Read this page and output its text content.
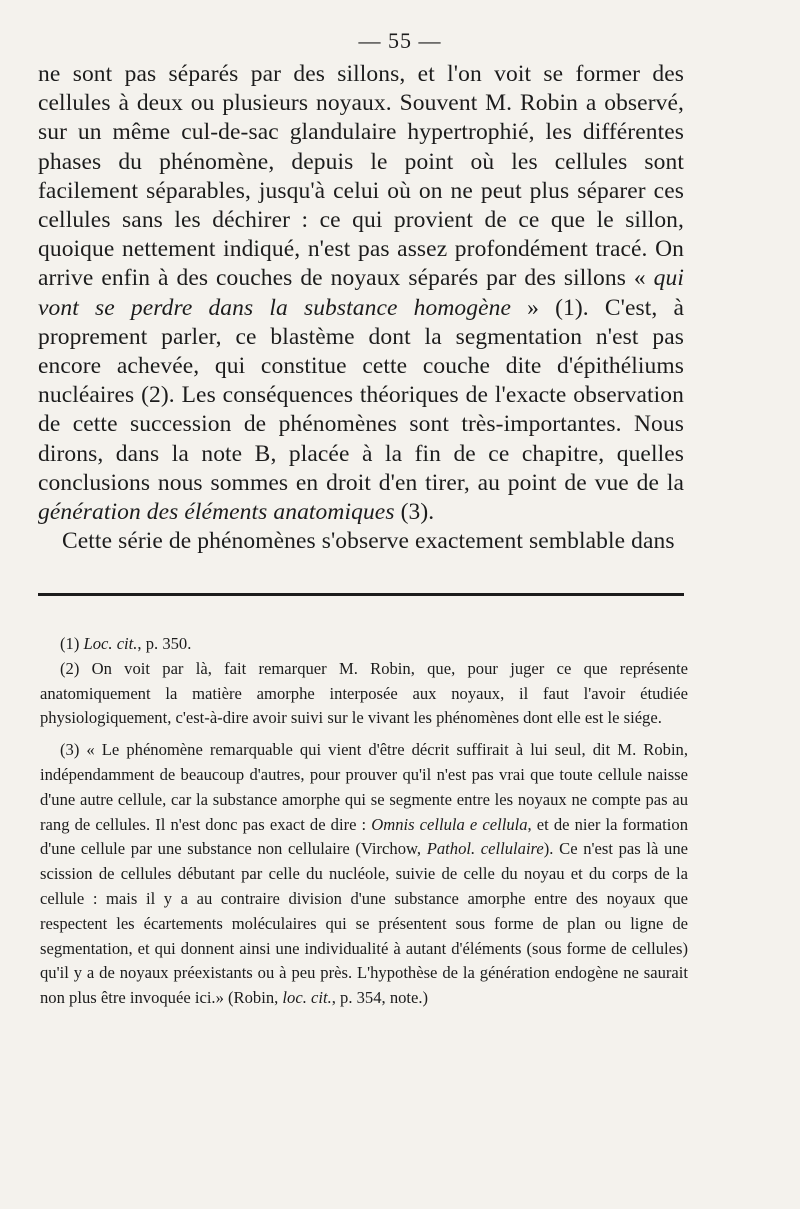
— 55 —

ne sont pas séparés par des sillons, et l'on voit se former des cellules à deux ou plusieurs noyaux. Souvent M. Robin a observé, sur un même cul-de-sac glandulaire hypertrophié, les différentes phases du phénomène, depuis le point où les cellules sont facilement séparables, jusqu'à celui où on ne peut plus séparer ces cellules sans les déchirer : ce qui provient de ce que le sillon, quoique nettement indiqué, n'est pas assez profondément tracé. On arrive enfin à des couches de noyaux séparés par des sillons « qui vont se perdre dans la substance homogène » (1). C'est, à proprement parler, ce blastème dont la segmentation n'est pas encore achevée, qui constitue cette couche dite d'épithéliums nucléaires (2). Les conséquences théoriques de l'exacte observation de cette succession de phénomènes sont très-importantes. Nous dirons, dans la note B, placée à la fin de ce chapitre, quelles conclusions nous sommes en droit d'en tirer, au point de vue de la génération des éléments anatomiques (3).

Cette série de phénomènes s'observe exactement semblable dans

(1) Loc. cit., p. 350.

(2) On voit par là, fait remarquer M. Robin, que, pour juger ce que représente anatomiquement la matière amorphe interposée aux noyaux, il faut l'avoir étudiée physiologiquement, c'est-à-dire avoir suivi sur le vivant les phénomènes dont elle est le siége.

(3) « Le phénomène remarquable qui vient d'être décrit suffirait à lui seul, dit M. Robin, indépendamment de beaucoup d'autres, pour prouver qu'il n'est pas vrai que toute cellule naisse d'une autre cellule, car la substance amorphe qui se segmente entre les noyaux ne compte pas au rang de cellules. Il n'est donc pas exact de dire : Omnis cellula e cellula, et de nier la formation d'une cellule par une substance non cellulaire (Virchow, Pathol. cellulaire). Ce n'est pas là une scission de cellules débutant par celle du nucléole, suivie de celle du noyau et du corps de la cellule : mais il y a au contraire division d'une substance amorphe entre des noyaux que respectent les écartements moléculaires qui se présentent sous forme de plan ou ligne de segmentation, et qui donnent ainsi une individualité à autant d'éléments (sous forme de cellules) qu'il y a de noyaux préexistants ou à peu près. L'hypothèse de la génération endogène ne saurait non plus être invoquée ici.» (Robin, loc. cit., p. 354, note.)
